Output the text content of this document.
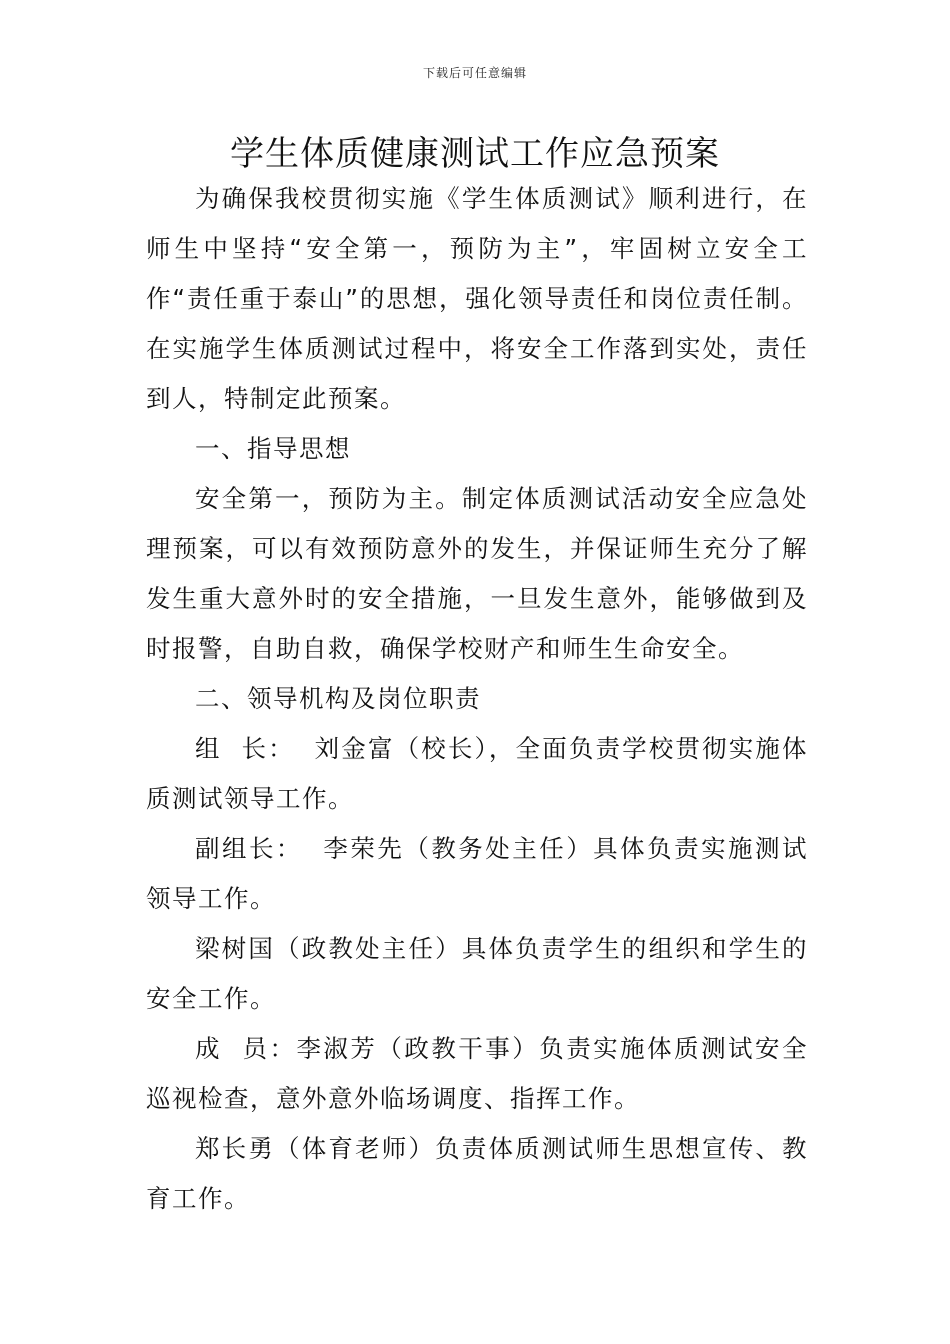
下载后可任意编辑
学生体质健康测试工作应急预案

为确保我校贯彻实施《学生体质测试》顺利进行，在师生中坚持“安全第一，预防为主”，牢固树立安全工作“责任重于泰山”的思想，强化领导责任和岗位责任制。在实施学生体质测试过程中，将安全工作落到实处，责任到人，特制定此预案。

一、指导思想

安全第一，预防为主。制定体质测试活动安全应急处理预案，可以有效预防意外的发生，并保证师生充分了解发生重大意外时的安全措施，一旦发生意外，能够做到及时报警，自助自救，确保学校财产和师生生命安全。

二、领导机构及岗位职责

组  长：  刘金富（校长），全面负责学校贯彻实施体质测试领导工作。

副组长：  李荣先（教务处主任）具体负责实施测试领导工作。

梁树国（政教处主任）具体负责学生的组织和学生的安全工作。

成  员：李淑芳（政教干事）负责实施体质测试安全巡视检查，意外意外临场调度、指挥工作。

郑长勇（体育老师）负责体质测试师生思想宣传、教育工作。
